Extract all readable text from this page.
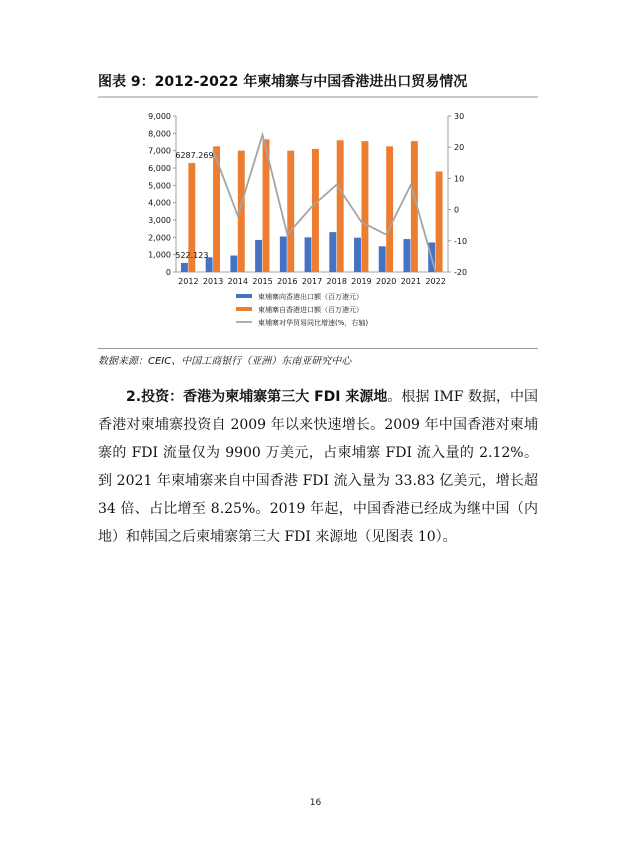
图表 9：2012-2022 年柬埔寨与中国香港进出口贸易情况
0
1,000
2,000
3,000
4,000
5,000
6,000
7,000
8,000
9,000
-20
-10
0
10
20
30
2012 2013 2014 2015 2016 2017 2018 2019 2020 2021 2022
6287.269
522.123
柬埔寨向香港出口额（百万港元）
柬埔寨自香港进口额（百万港元）
柬埔寨对华贸易同比增速(%，右轴)
数据来源：CEIC、中国工商银行（亚洲）东南亚研究中心

2.投资：香港为柬埔寨第三大 FDI 来源地。根据 IMF 数据，中国香港对柬埔寨投资自 2009 年以来快速增长。2009 年中国香港对柬埔寨的 FDI 流量仅为 9900 万美元，占柬埔寨 FDI 流入量的 2.12%。到 2021 年柬埔寨来自中国香港 FDI 流入量为 33.83 亿美元，增长超 34 倍、占比增至 8.25%。2019 年起，中国香港已经成为继中国（内地）和韩国之后柬埔寨第三大 FDI 来源地（见图表 10）。

16
